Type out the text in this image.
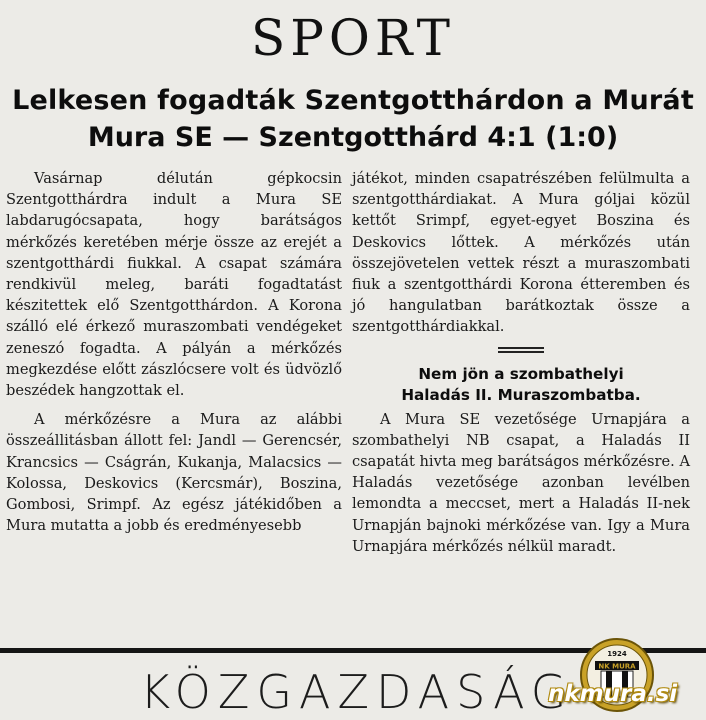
SPORT
Lelkesen fogadták Szentgotthárdon a Murát
Mura SE — Szentgotthárd 4:1 (1:0)

Vasárnap délután gépkocsin Szentgotthárdra indult a Mura SE labdarugócsapata, hogy barátságos mérkőzés keretében mérje össze az erejét a szentgotthárdi fiukkal. A csapat számára rendkivül meleg, baráti fogadtatást készitettek elő Szentgotthárdon. A Korona szálló elé érkező muraszombati vendégeket zeneszó fogadta. A pályán a mérkőzés megkezdése előtt zászlócsere volt és üdvözlő beszédek hangzottak el.

A mérkőzésre a Mura az alábbi összeállitásban állott fel: Jandl — Gerencsér, Krancsics — Cságrán, Kukanja, Malacsics — Kolossa, Deskovics (Kercsmár), Boszina, Gombosi, Srimpf. Az egész játékidőben a Mura mutatta a jobb és eredményesebb

játékot, minden csapatrészében felülmulta a szentgotthárdiakat. A Mura góljai közül kettőt Srimpf, egyet-egyet Boszina és Deskovics lőttek. A mérkőzés után összejövetelen vettek részt a muraszombati fiuk a szentgotthárdi Korona étteremben és jó hangulatban barátkoztak össze a szentgotthárdiakkal.

Nem jön a szombathelyi
Haladás II. Muraszombatba.

A Mura SE vezetősége Urnapjára a szombathelyi NB csapat, a Haladás II csapatát hivta meg barátságos mérkőzésre. A Haladás vezetősége azonban levélben lemondta a meccset, mert a Haladás II-nek Urnapján bajnoki mérkőzése van. Igy a Mura Urnapjára mérkőzés nélkül maradt.

KÖZGAZDASÁG	NK MURA
1924
nkmura.si
